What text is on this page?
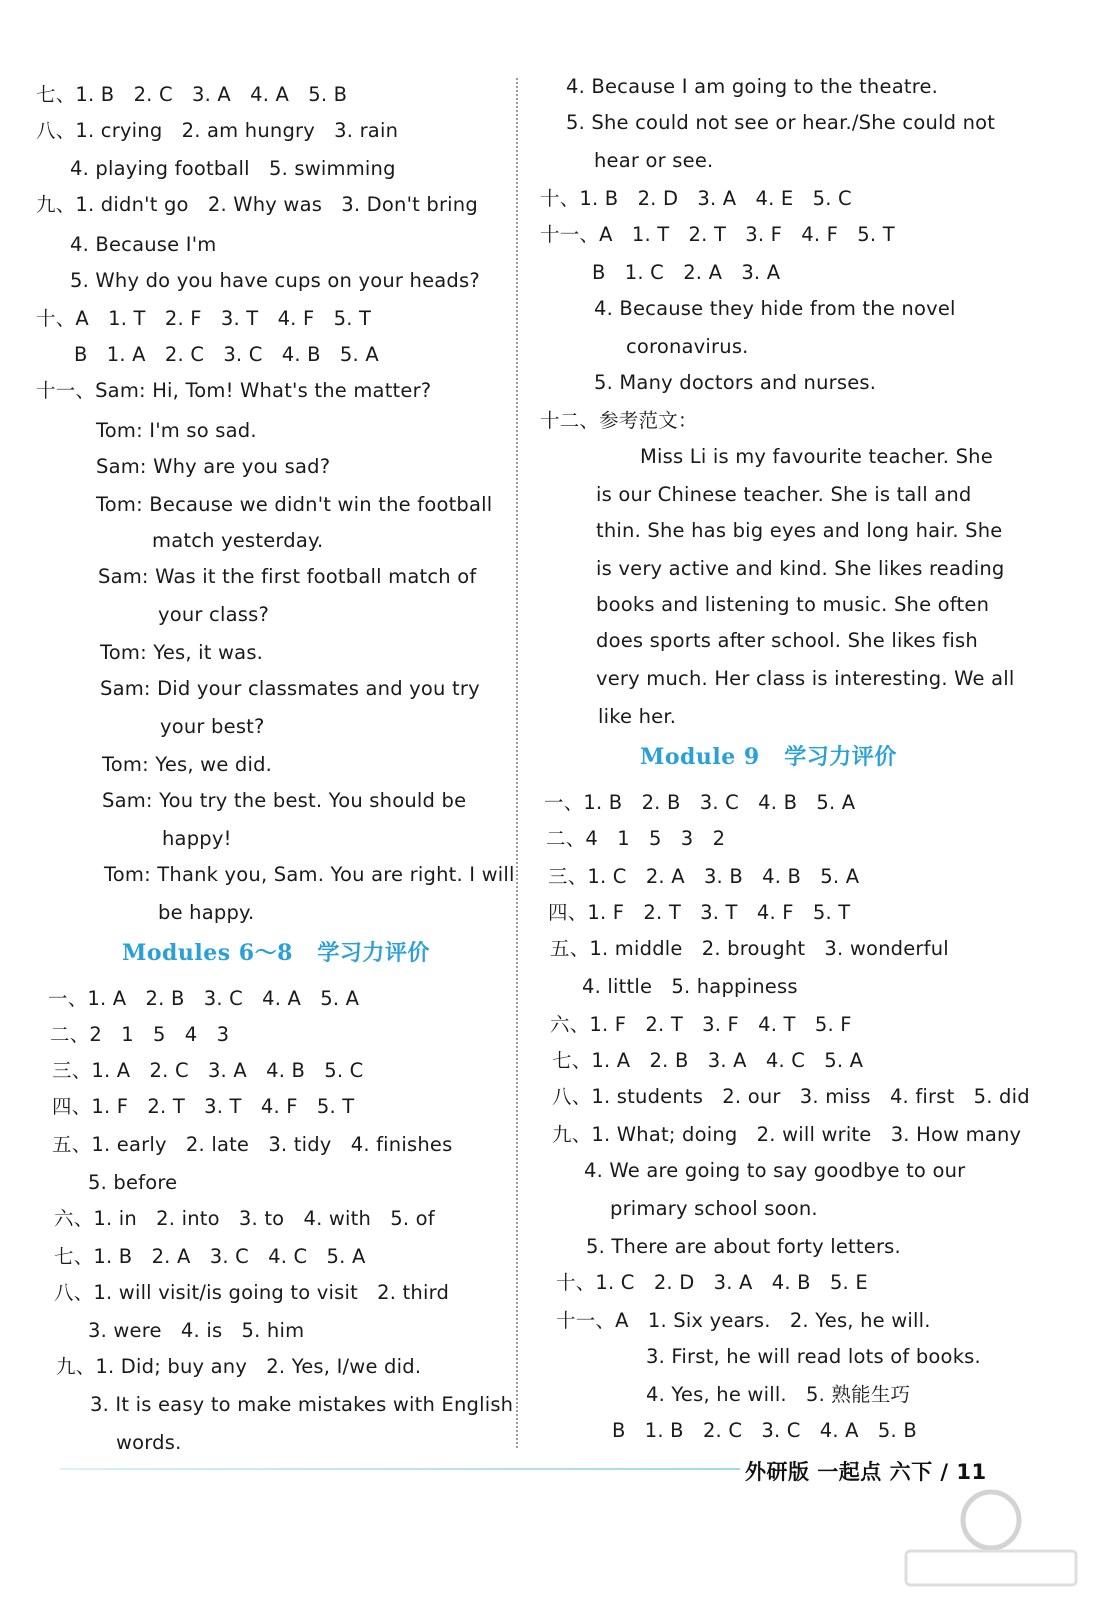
七、1. B   2. C   3. A   4. A   5. B
八、1. crying   2. am hungry   3. rain
4. playing football   5. swimming
九、1. didn't go   2. Why was   3. Don't bring
4. Because I'm
5. Why do you have cups on your heads?
十、A   1. T   2. F   3. T   4. F   5. T
B   1. A   2. C   3. C   4. B   5. A
十一、Sam: Hi, Tom! What's the matter?
Tom: I'm so sad.
Sam: Why are you sad?
Tom: Because we didn't win the football
match yesterday.
Sam: Was it the first football match of
your class?
Tom: Yes, it was.
Sam: Did your classmates and you try
your best?
Tom: Yes, we did.
Sam: You try the best. You should be
happy!
Tom: Thank you, Sam. You are right. I will
be happy.
Modules 6～8   学习力评价
一、1. A   2. B   3. C   4. A   5. A
二、2   1   5   4   3
三、1. A   2. C   3. A   4. B   5. C
四、1. F   2. T   3. T   4. F   5. T
五、1. early   2. late   3. tidy   4. finishes
5. before
六、1. in   2. into   3. to   4. with   5. of
七、1. B   2. A   3. C   4. C   5. A
八、1. will visit/is going to visit   2. third
3. were   4. is   5. him
九、1. Did; buy any   2. Yes, I/we did.
3. It is easy to make mistakes with English
words.
4. Because I am going to the theatre.
5. She could not see or hear./She could not
hear or see.
十、1. B   2. D   3. A   4. E   5. C
十一、A   1. T   2. T   3. F   4. F   5. T
B   1. C   2. A   3. A
4. Because they hide from the novel
coronavirus.
5. Many doctors and nurses.
十二、参考范文：
Miss Li is my favourite teacher. She
is our Chinese teacher. She is tall and
thin. She has big eyes and long hair. She
is very active and kind. She likes reading
books and listening to music. She often
does sports after school. She likes fish
very much. Her class is interesting. We all
like her.
Module 9   学习力评价
一、1. B   2. B   3. C   4. B   5. A
二、4   1   5   3   2
三、1. C   2. A   3. B   4. B   5. A
四、1. F   2. T   3. T   4. F   5. T
五、1. middle   2. brought   3. wonderful
4. little   5. happiness
六、1. F   2. T   3. F   4. T   5. F
七、1. A   2. B   3. A   4. C   5. A
八、1. students   2. our   3. miss   4. first   5. did
九、1. What; doing   2. will write   3. How many
4. We are going to say goodbye to our
primary school soon.
5. There are about forty letters.
十、1. C   2. D   3. A   4. B   5. E
十一、A   1. Six years.   2. Yes, he will.
3. First, he will read lots of books.
4. Yes, he will.   5. 熟能生巧
B   1. B   2. C   3. C   4. A   5. B
外研版 一起点 六下 / 11
